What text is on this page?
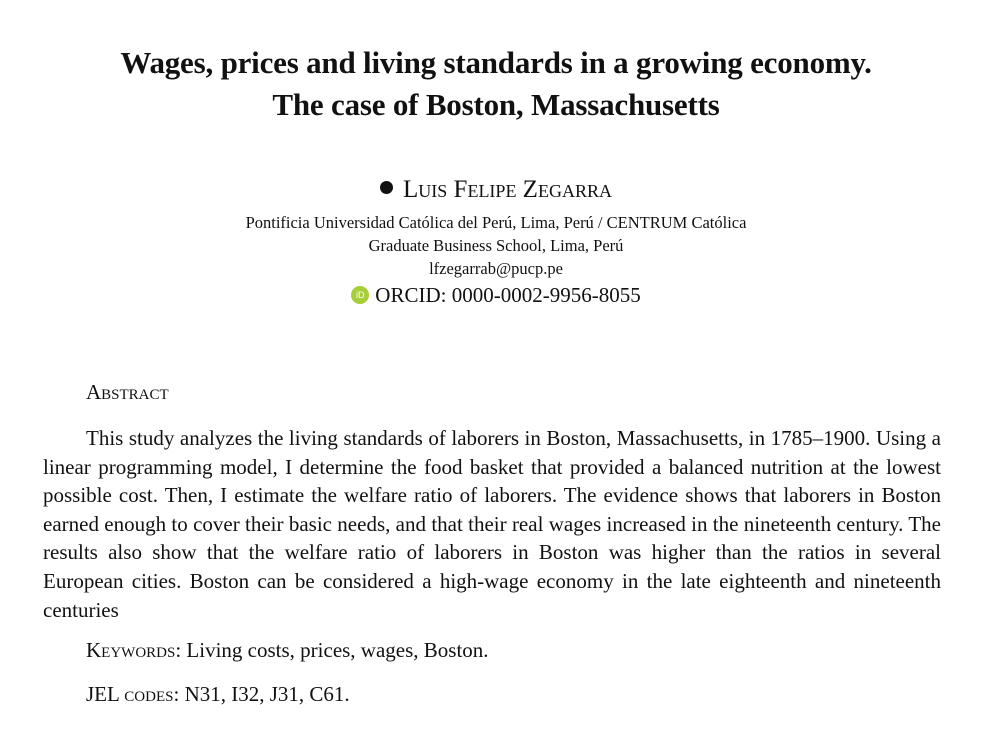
Wages, prices and living standards in a growing economy.
The case of Boston, Massachusetts
Luis Felipe Zegarra
Pontificia Universidad Católica del Perú, Lima, Perú / CENTRUM Católica
Graduate Business School, Lima, Perú
lfzegarrab@pucp.pe
iD ORCID: 0000-0002-9956-8055
Abstract

This study analyzes the living standards of laborers in Boston, Massachusetts, in 1785–1900. Using a linear programming model, I determine the food basket that provided a balanced nutrition at the lowest possible cost. Then, I estimate the welfare ratio of laborers. The evidence shows that laborers in Boston earned enough to cover their basic needs, and that their real wages increased in the nineteenth century. The results also show that the welfare ratio of laborers in Boston was higher than the ratios in several European cities. Boston can be considered a high-wage economy in the late eighteenth and nineteenth centuries

Keywords: Living costs, prices, wages, Boston.
JEL codes: N31, I32, J31, C61.
